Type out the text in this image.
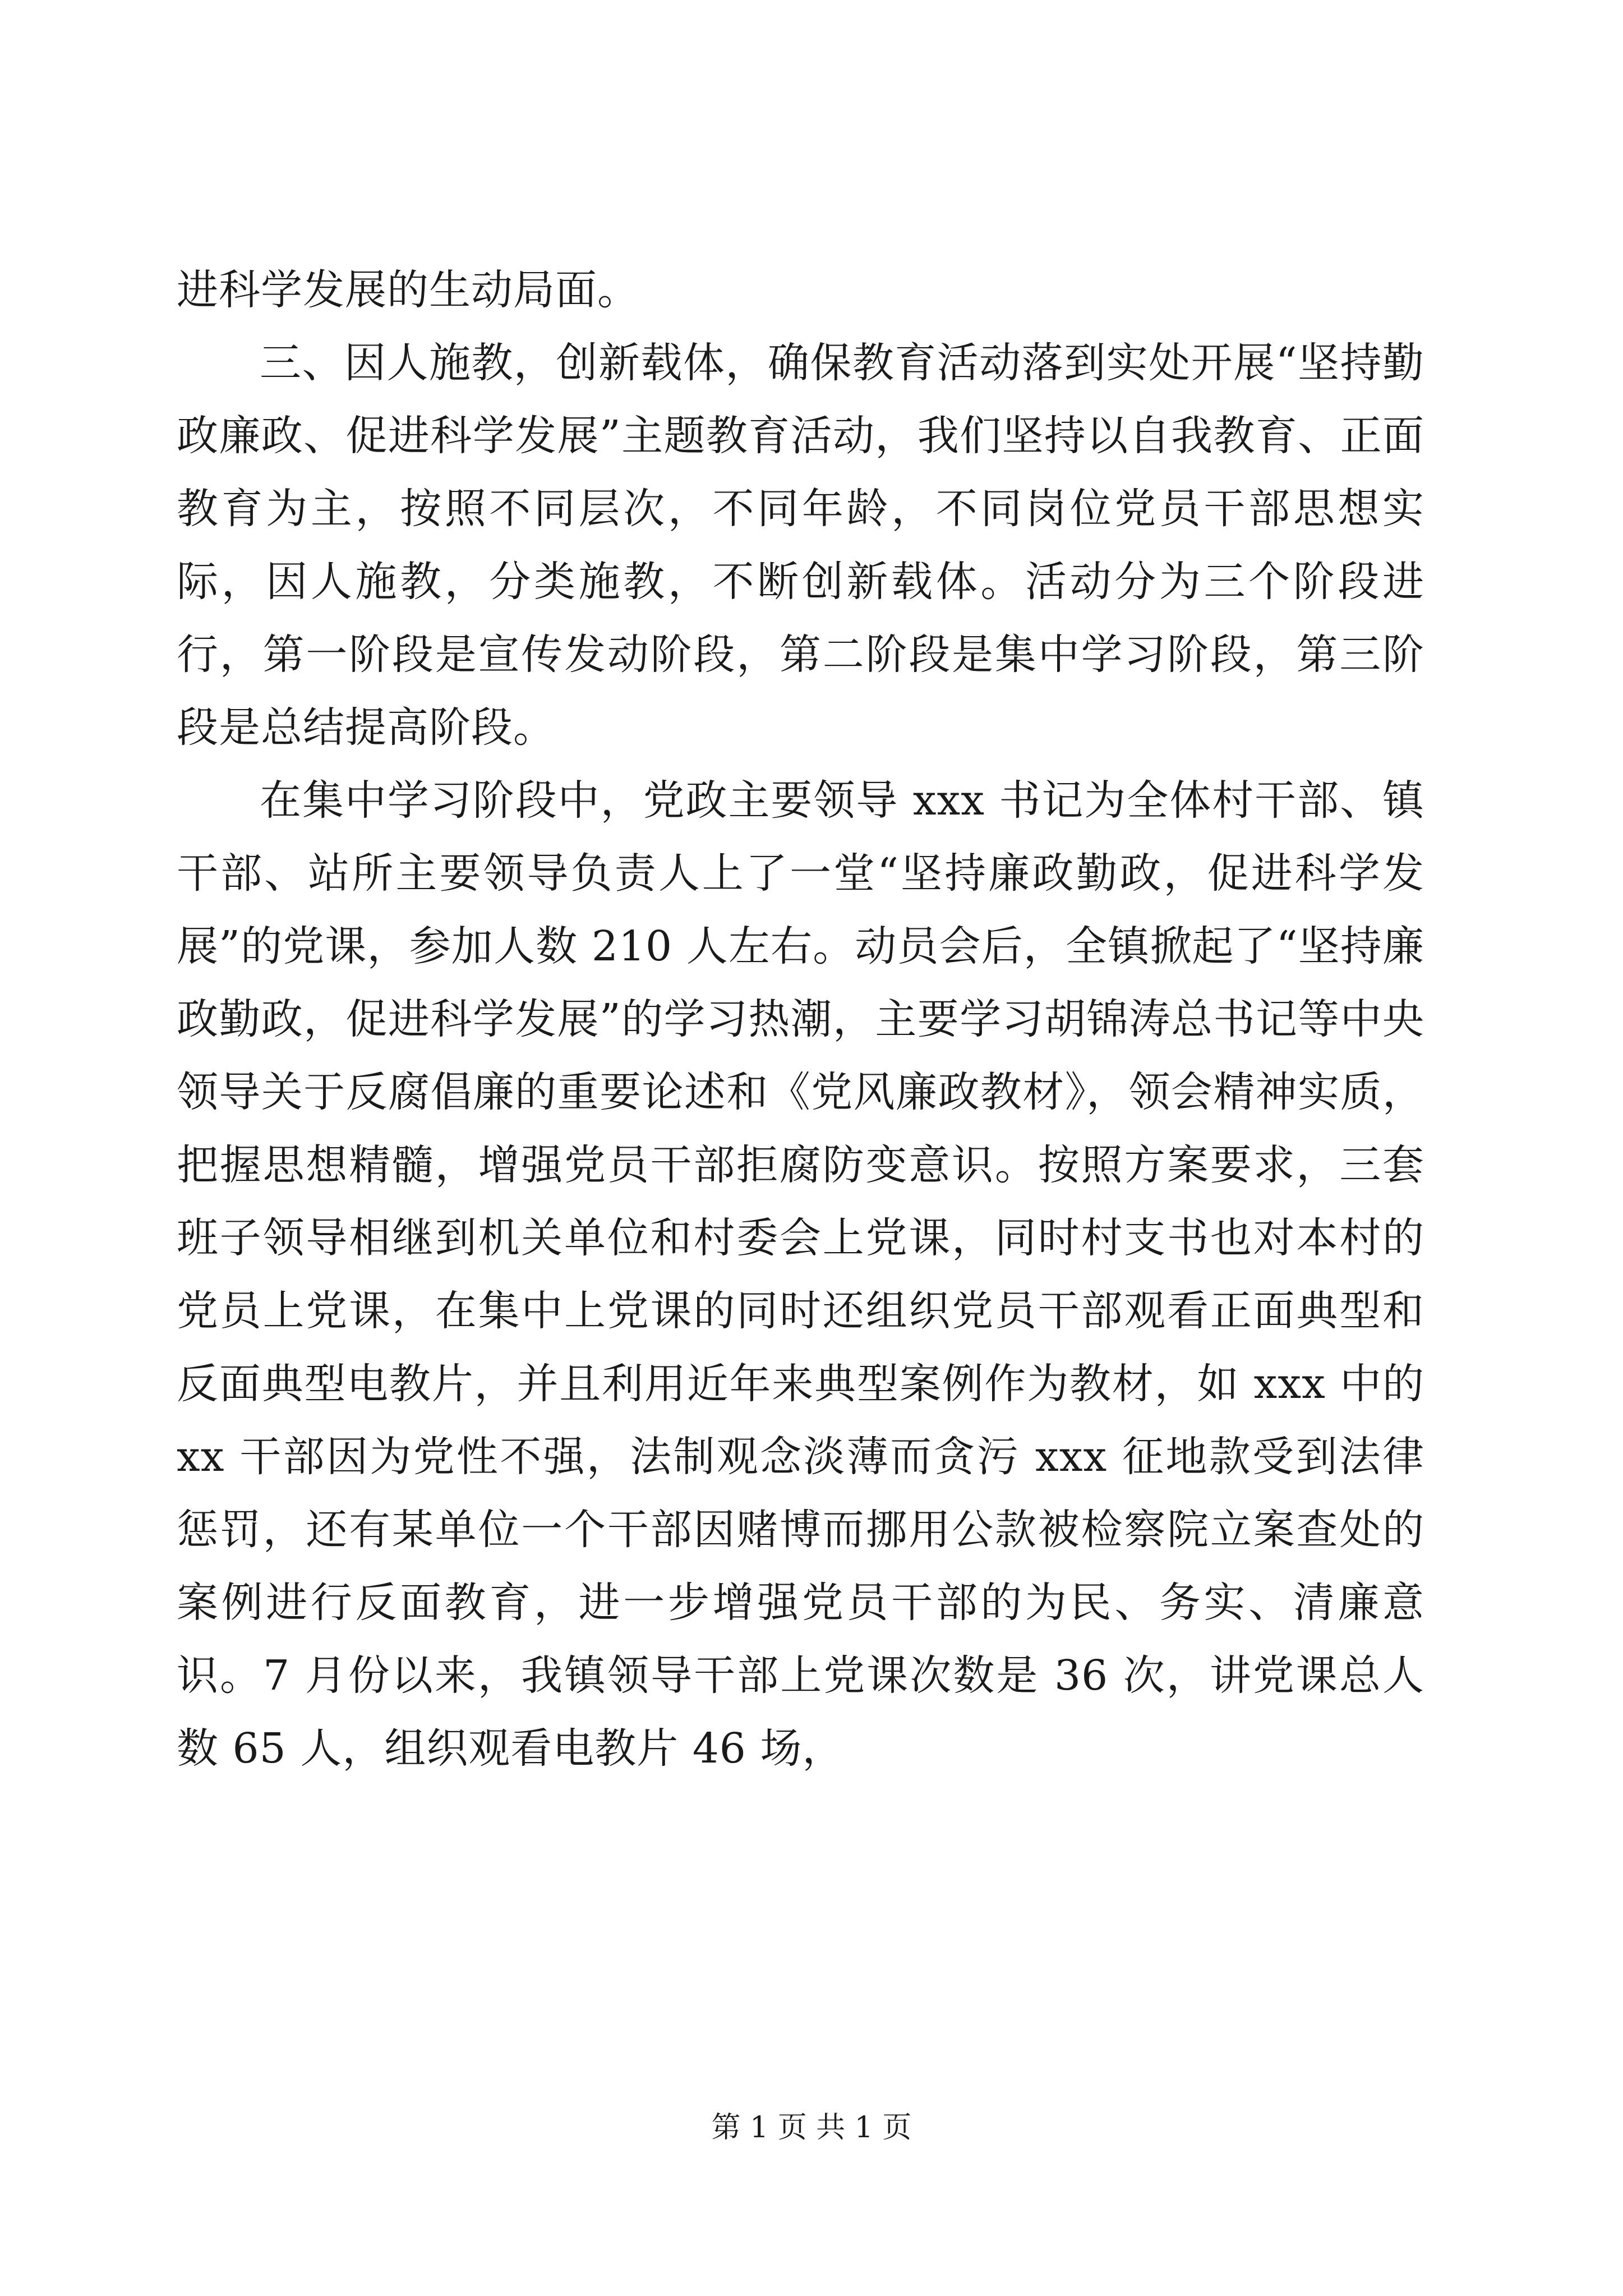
进科学发展的生动局面。

三、因人施教，创新载体，确保教育活动落到实处开展“坚持勤政廉政、促进科学发展”主题教育活动，我们坚持以自我教育、正面教育为主，按照不同层次，不同年龄，不同岗位党员干部思想实际，因人施教，分类施教，不断创新载体。活动分为三个阶段进行，第一阶段是宣传发动阶段，第二阶段是集中学习阶段，第三阶段是总结提高阶段。

在集中学习阶段中，党政主要领导 xxx 书记为全体村干部、镇干部、站所主要领导负责人上了一堂“坚持廉政勤政，促进科学发展”的党课，参加人数 210 人左右。动员会后，全镇掀起了“坚持廉政勤政，促进科学发展”的学习热潮，主要学习胡锦涛总书记等中央领导关于反腐倡廉的重要论述和《党风廉政教材》，领会精神实质，把握思想精髓，增强党员干部拒腐防变意识。按照方案要求，三套班子领导相继到机关单位和村委会上党课，同时村支书也对本村的党员上党课，在集中上党课的同时还组织党员干部观看正面典型和反面典型电教片，并且利用近年来典型案例作为教材，如 xxx 中的 xx 干部因为党性不强，法制观念淡薄而贪污 xxx 征地款受到法律惩罚，还有某单位一个干部因赌博而挪用公款被检察院立案查处的案例进行反面教育，进一步增强党员干部的为民、务实、清廉意识。7 月份以来，我镇领导干部上党课次数是 36 次，讲党课总人数 65 人，组织观看电教片 46 场，

第 1 页 共 1 页
